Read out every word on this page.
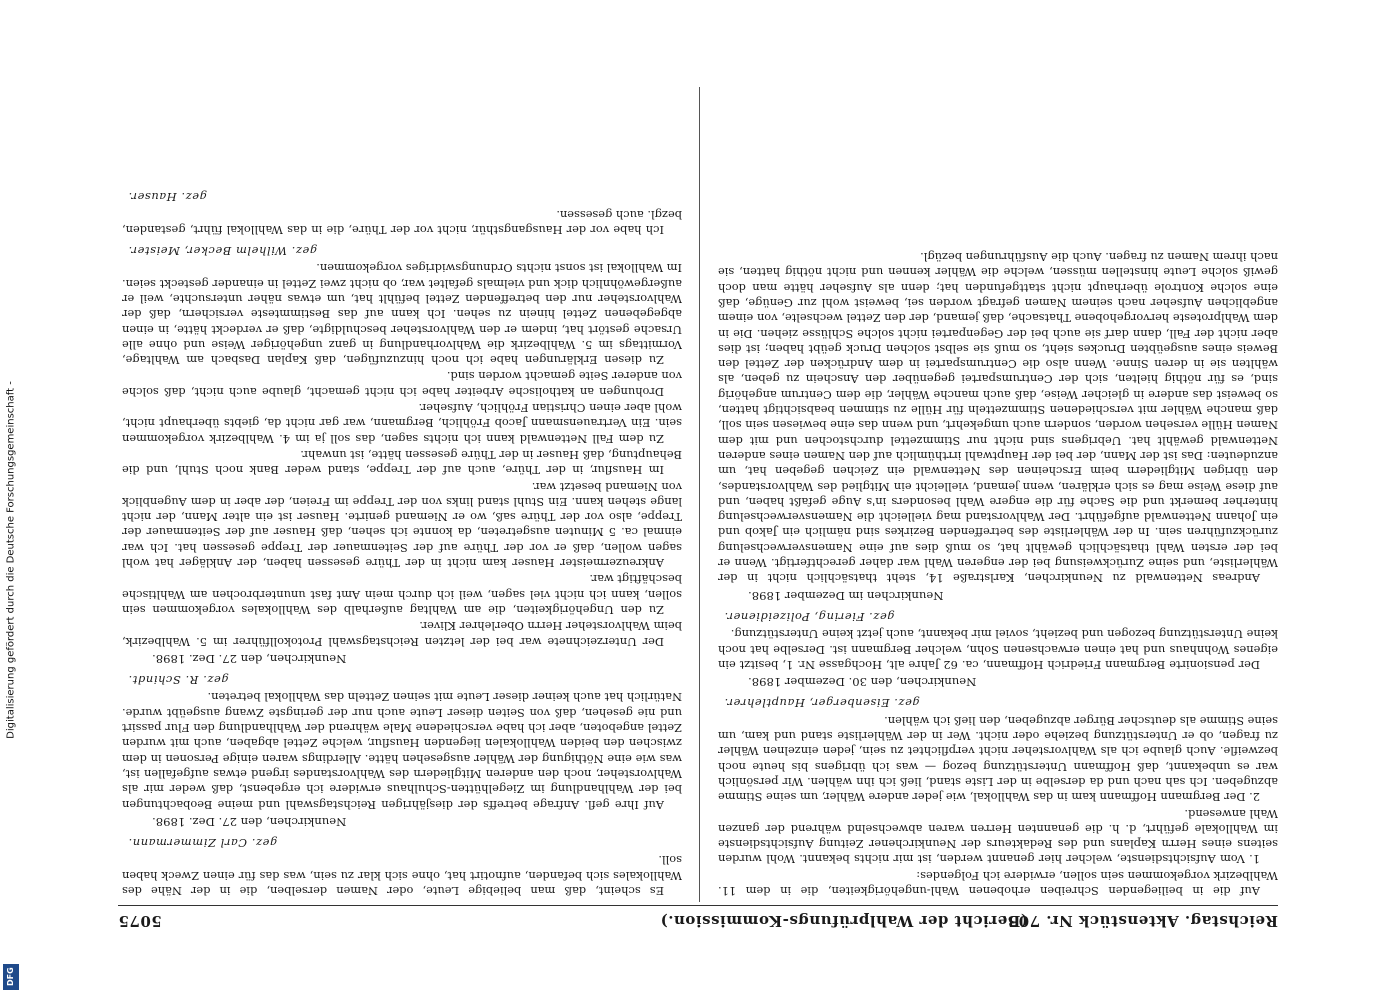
Digitalisierung gefördert durch die Deutsche Forschungsgemeinschaft -
DFG
Reichstag. Aktenstück Nr. 705.
(Bericht der Wahlprüfungs-Kommission.)
5075

Auf die in beiliegenden Schreiben erhobenen Wahl-ungehörigkeiten, die in dem 11. Wahlbezirk vorgekommen sein sollen, erwidere ich Folgendes:

1. Vom Aufsichtsdienste, welcher hier genannt werden, ist mir nichts bekannt. Wohl wurden seitens eines Herrn Kaplans und des Redakteurs der Neunkirchener Zeitung Aufsichtsdienste im Wahllokale geführt, d. h. die genannten Herren waren abwechselnd während der ganzen Wahl anwesend.

2. Der Bergmann Hoffmann kam in das Wahllokal, wie jeder andere Wähler, um seine Stimme abzugeben. Ich sah nach und da derselbe in der Liste stand, ließ ich ihn wählen. Wir persönlich war es unbekannt, daß Hoffmann Unterstützung bezog — was ich übrigens bis heute noch bezweifle. Auch glaube ich als Wahlvorsteher nicht verpflichtet zu sein, jeden einzelnen Wähler zu fragen, ob er Unterstützung beziehe oder nicht. Wer in der Wählerliste stand und kam, um seine Stimme als deutscher Bürger abzugeben, den ließ ich wählen.

gez. Eisenberger, Hauptlehrer.

Neunkirchen, den 30. Dezember 1898.

Der pensionirte Bergmann Friedrich Hoffmann, ca. 62 Jahre alt, Hochgasse Nr. 1, besitzt ein eigenes Wohnhaus und hat einen erwachsenen Sohn, welcher Bergmann ist. Derselbe hat noch keine Unterstützung bezogen und bezieht, soviel mir bekannt, auch jetzt keine Unterstützung.

gez. Fiering, Polizeidiener.

Neunkirchen im Dezember 1898.

Andreas Nettenwald zu Neunkirchen, Karlstraße 14, steht thatsächlich nicht in der Wählerliste, und seine Zurückweisung bei der engeren Wahl war daher gerechtfertigt. Wenn er bei der ersten Wahl thatsächlich gewählt hat, so muß dies auf eine Namensverwechselung zurückzuführen sein. In der Wählerliste des betreffenden Bezirkes sind nämlich ein Jakob und ein Johann Nettenwald aufgeführt. Der Wahlvorstand mag vielleicht die Namensverwechselung hinterher bemerkt und die Sache für die engere Wahl besonders in's Auge gefaßt haben, und auf diese Weise mag es sich erklären, wenn jemand, vielleicht ein Mitglied des Wahlvorstandes, den übrigen Mitgliedern beim Erscheinen des Nettenwald ein Zeichen gegeben hat, um anzudeuten: Das ist der Mann, der bei der Hauptwahl irrthümlich auf den Namen eines anderen Nettenwald gewählt hat. Uebrigens sind nicht nur Stimmzettel durchstochen und mit dem Namen Hülle versehen worden, sondern auch umgekehrt, und wenn das eine bewiesen sein soll, daß manche Wähler mit verschiedenen Stimmzetteln für Hülle zu stimmen beabsichtigt hatten, so beweist das andere in gleicher Weise, daß auch manche Wähler, die dem Centrum angehörig sind, es für nöthig hielten, sich der Centrumspartei gegenüber den Anschein zu geben, als wählten sie in deren Sinne. Wenn also die Centrumspartei in dem Andrücken der Zettel den Beweis eines ausgeübten Druckes sieht, so muß sie selbst solchen Druck geübt haben; ist dies aber nicht der Fall, dann darf sie auch bei der Gegenpartei nicht solche Schlüsse ziehen. Die in dem Wahlproteste hervorgehobene Thatsache, daß jemand, der den Zettel wechselte, von einem angeblichen Aufseher nach seinem Namen gefragt worden sei, beweist wohl zur Genüge, daß eine solche Kontrole überhaupt nicht stattgefunden hat; denn als Aufseher hätte man doch gewiß solche Leute hinstellen müssen, welche die Wähler kennen und nicht nöthig hatten, sie nach ihrem Namen zu fragen. Auch die Ausführungen bezügl.

Es scheint, daß man beliebige Leute, oder Namen derselben, die in der Nähe des Wahllokales sich befanden, aufnotirt hat, ohne sich klar zu sein, was das für einen Zweck haben soll.

gez. Carl Zimmermann.

Neunkirchen, den 27. Dez. 1898.

Auf Ihre gefl. Anfrage betreffs der diesjährigen Reichstagswahl und meine Beobachtungen bei der Wahlhandlung im Ziegelhütten-Schulhaus erwidere ich ergebenst, daß weder mir als Wahlvorsteher, noch den anderen Mitgliedern des Wahlvorstandes irgend etwas aufgefallen ist, was wie eine Nöthigung der Wähler ausgesehen hätte. Allerdings waren einige Personen in dem zwischen den beiden Wahllokalen liegenden Hausflur, welche Zettel abgaben, auch mit wurden Zettel angeboten, aber ich habe verschiedene Male während der Wahlhandlung den Flur passirt und nie gesehen, daß von Seiten dieser Leute auch nur der geringste Zwang ausgeübt wurde. Natürlich hat auch keiner dieser Leute mit seinen Zetteln das Wahllokal betreten.

gez. R. Schindt.

Neunkirchen, den 27. Dez. 1898.

Der Unterzeichnete war bei der letzten Reichstagswahl Protokollführer im 5. Wahlbezirk, beim Wahlvorsteher Herrn Oberlehrer Kliver.

Zu den Ungehörigkeiten, die am Wahltag außerhalb des Wahllokales vorgekommen sein sollen, kann ich nicht viel sagen, weil ich durch mein Amt fast ununterbrochen am Wahltische beschäftigt war.

Ankreuzermeister Hauser kam nicht in der Thüre gesessen haben, der Ankläger hat wohl sagen wollen, daß er vor der Thüre auf der Seitenmauer der Treppe gesessen hat. Ich war einmal ca. 5 Minuten ausgetreten, da konnte ich sehen, daß Hauser auf der Seitenmauer der Treppe, also vor der Thüre saß, wo er Niemand genirte. Hauser ist ein alter Mann, der nicht lange stehen kann. Ein Stuhl stand links von der Treppe im Freien, der aber in dem Augenblick von Niemand besetzt war.

Im Hausflur, in der Thüre, auch auf der Treppe, stand weder Bank noch Stuhl, und die Behauptung, daß Hauser in der Thüre gesessen hätte, ist unwahr.

Zu dem Fall Nettenwald kann ich nichts sagen, das soll ja im 4. Wahlbezirk vorgekommen sein. Ein Vertrauensmann Jacob Fröhlich, Bergmann, war gar nicht da, giebts überhaupt nicht, wohl aber einen Christian Fröhlich, Aufseher.

Drohungen an katholische Arbeiter habe ich nicht gemacht, glaube auch nicht, daß solche von anderer Seite gemacht worden sind.

Zu diesen Erklärungen habe ich noch hinzuzufügen, daß Kaplan Dasbach am Wahltage, Vormittags im 5. Wahlbezirk die Wahlvorhandlung in ganz ungehöriger Weise und ohne alle Ursache gestört hat, indem er den Wahlvorsteher beschuldigte, daß er verdeckt hätte, in einen abgegebenen Zettel hinein zu sehen. Ich kann auf das Bestimmteste versichern, daß der Wahlvorsteher nur den betreffenden Zettel befühlt hat, um etwas näher untersuchte, weil er außergewöhnlich dick und vielmals gefaltet war, ob nicht zwei Zettel in einander gesteckt seien. Im Wahllokal ist sonst nichts Ordnungswidriges vorgekommen.

gez. Wilhelm Becker, Meister.

Ich habe vor der Hausgangsthür, nicht vor der Thüre, die in das Wahllokal führt, gestanden, bezgl. auch gesessen.

gez. Hauser.
